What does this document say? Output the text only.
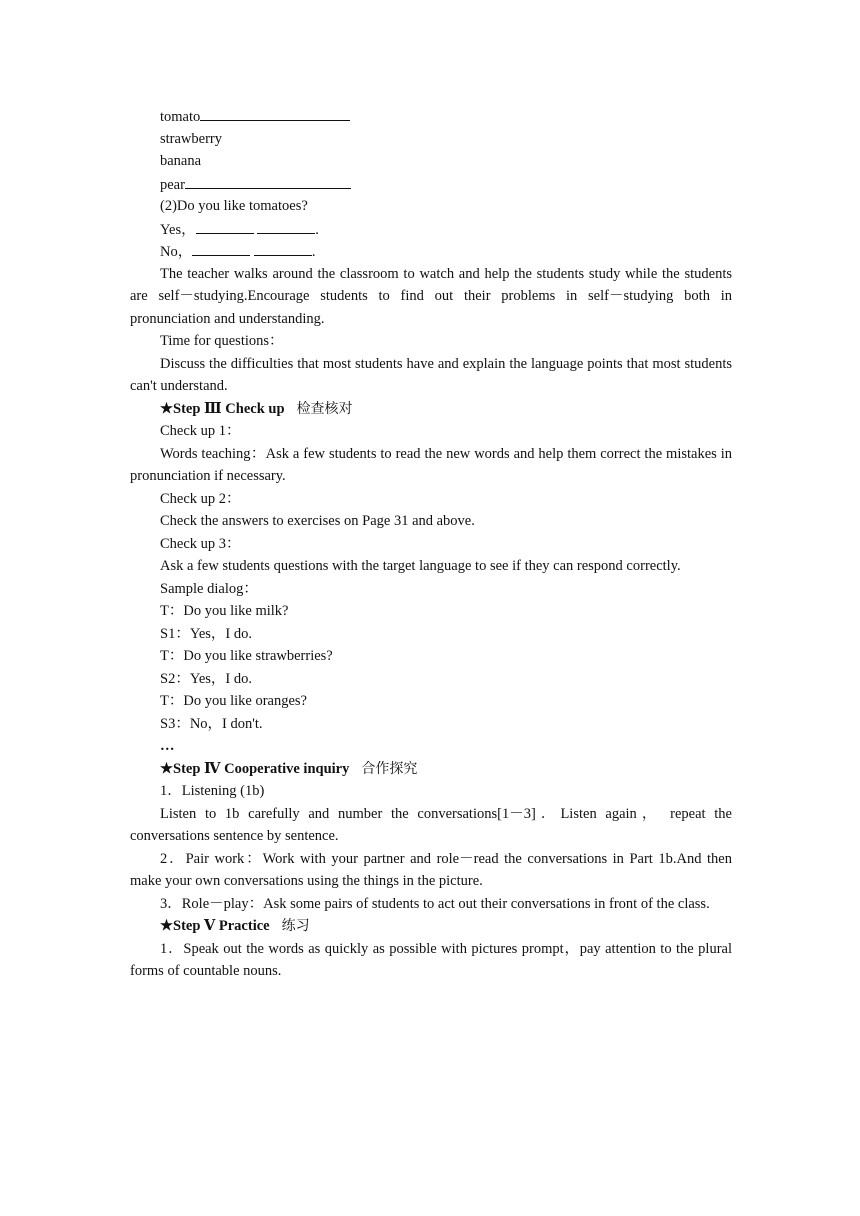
tomato
strawberry
banana
pear
(2)Do you like tomatoes?
Yes，	.
No，	.
The teacher walks around the classroom to watch and help the students study while the students are self－studying.Encourage students to find out their problems in self－studying both in pronunciation and understanding.
Time for questions：
Discuss the difficulties that most students have and explain the language points that most students can't understand.
★Step Ⅲ Check up 检查核对
Check up 1：
Words teaching：Ask a few students to read the new words and help them correct the mistakes in pronunciation if necessary.
Check up 2：
Check the answers to exercises on Page 31 and above.
Check up 3：
Ask a few students questions with the target language to see if they can respond correctly.
Sample dialog：
T：Do you like milk?
S1：Yes，I do.
T：Do you like strawberries?
S2：Yes，I do.
T：Do you like oranges?
S3：No，I don't.
…
★Step Ⅳ Cooperative inquiry 合作探究
1．Listening (1b)
Listen to 1b carefully and number the conversations[1－3]．Listen again， repeat the conversations sentence by sentence.
2．Pair work：Work with your partner and role－read the conversations in Part 1b.And then make your own conversations using the things in the picture.
3．Role－play：Ask some pairs of students to act out their conversations in front of the class.
★Step Ⅴ Practice 练习
1．Speak out the words as quickly as possible with pictures prompt，pay attention to the plural forms of countable nouns.
